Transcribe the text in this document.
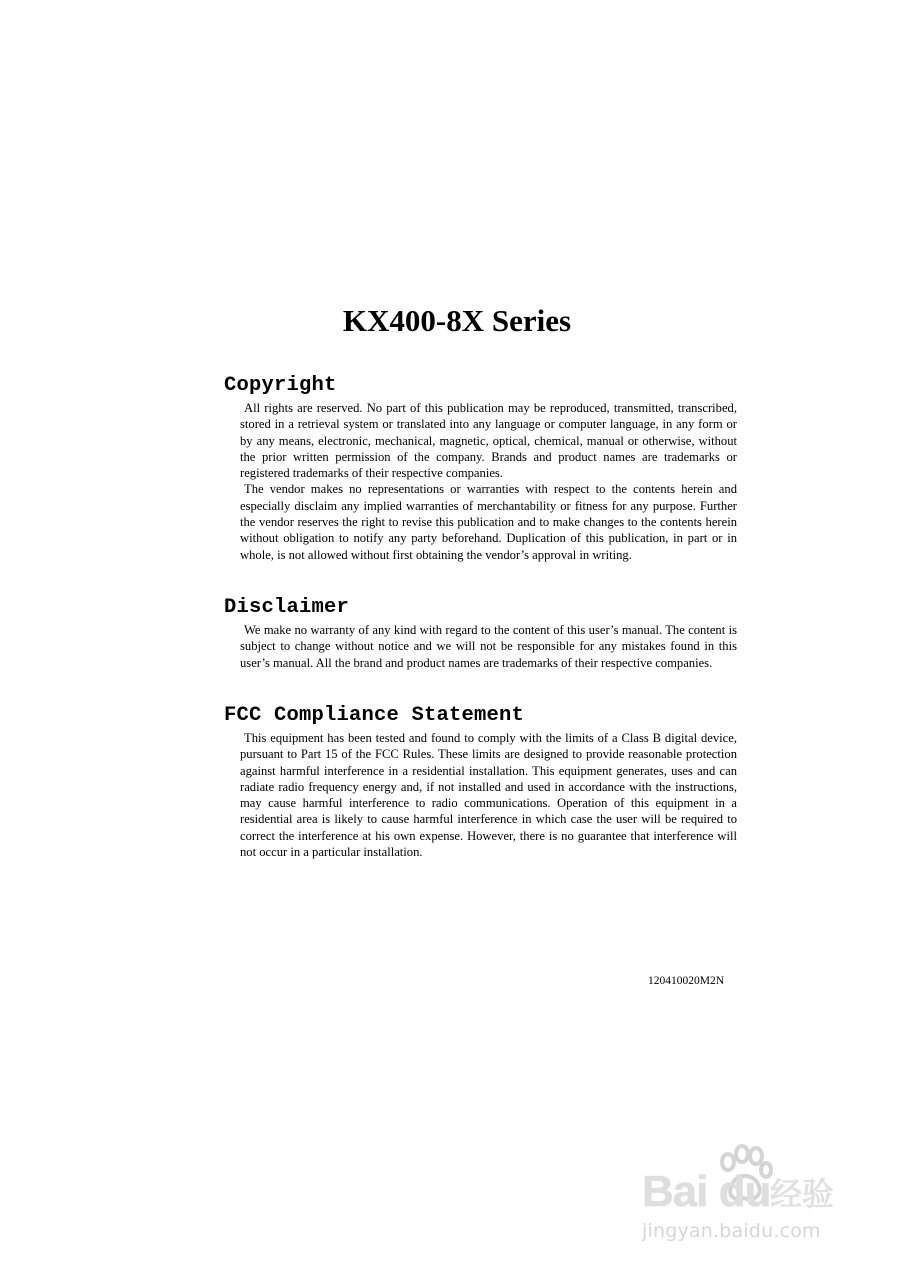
KX400-8X Series
Copyright

All rights are reserved. No part of this publication may be reproduced, transmitted, transcribed, stored in a retrieval system or translated into any language or computer language, in any form or by any means, electronic, mechanical, magnetic, optical, chemical, manual or otherwise, without the prior written permission of the company. Brands and product names are trademarks or registered trademarks of their respective companies.

The vendor makes no representations or warranties with respect to the contents herein and especially disclaim any implied warranties of merchantability or fitness for any purpose. Further the vendor reserves the right to revise this publication and to make changes to the contents herein without obligation to notify any party beforehand. Duplication of this publication, in part or in whole, is not allowed without first obtaining the vendor’s approval in writing.

Disclaimer

We make no warranty of any kind with regard to the content of this user’s manual. The content is subject to change without notice and we will not be responsible for any mistakes found in this user’s manual. All the brand and product names are trademarks of their respective companies.

FCC Compliance Statement

This equipment has been tested and found to comply with the limits of a Class B digital device, pursuant to Part 15 of the FCC Rules. These limits are designed to provide reasonable protection against harmful interference in a residential installation. This equipment generates, uses and can radiate radio frequency energy and, if not installed and used in accordance with the instructions, may cause harmful interference to radio communications. Operation of this equipment in a residential area is likely to cause harmful interference in which case the user will be required to correct the interference at his own expense. However, there is no guarantee that interference will not occur in a particular installation.

120410020M2N
Bai du 经验
jingyan.baidu.com
